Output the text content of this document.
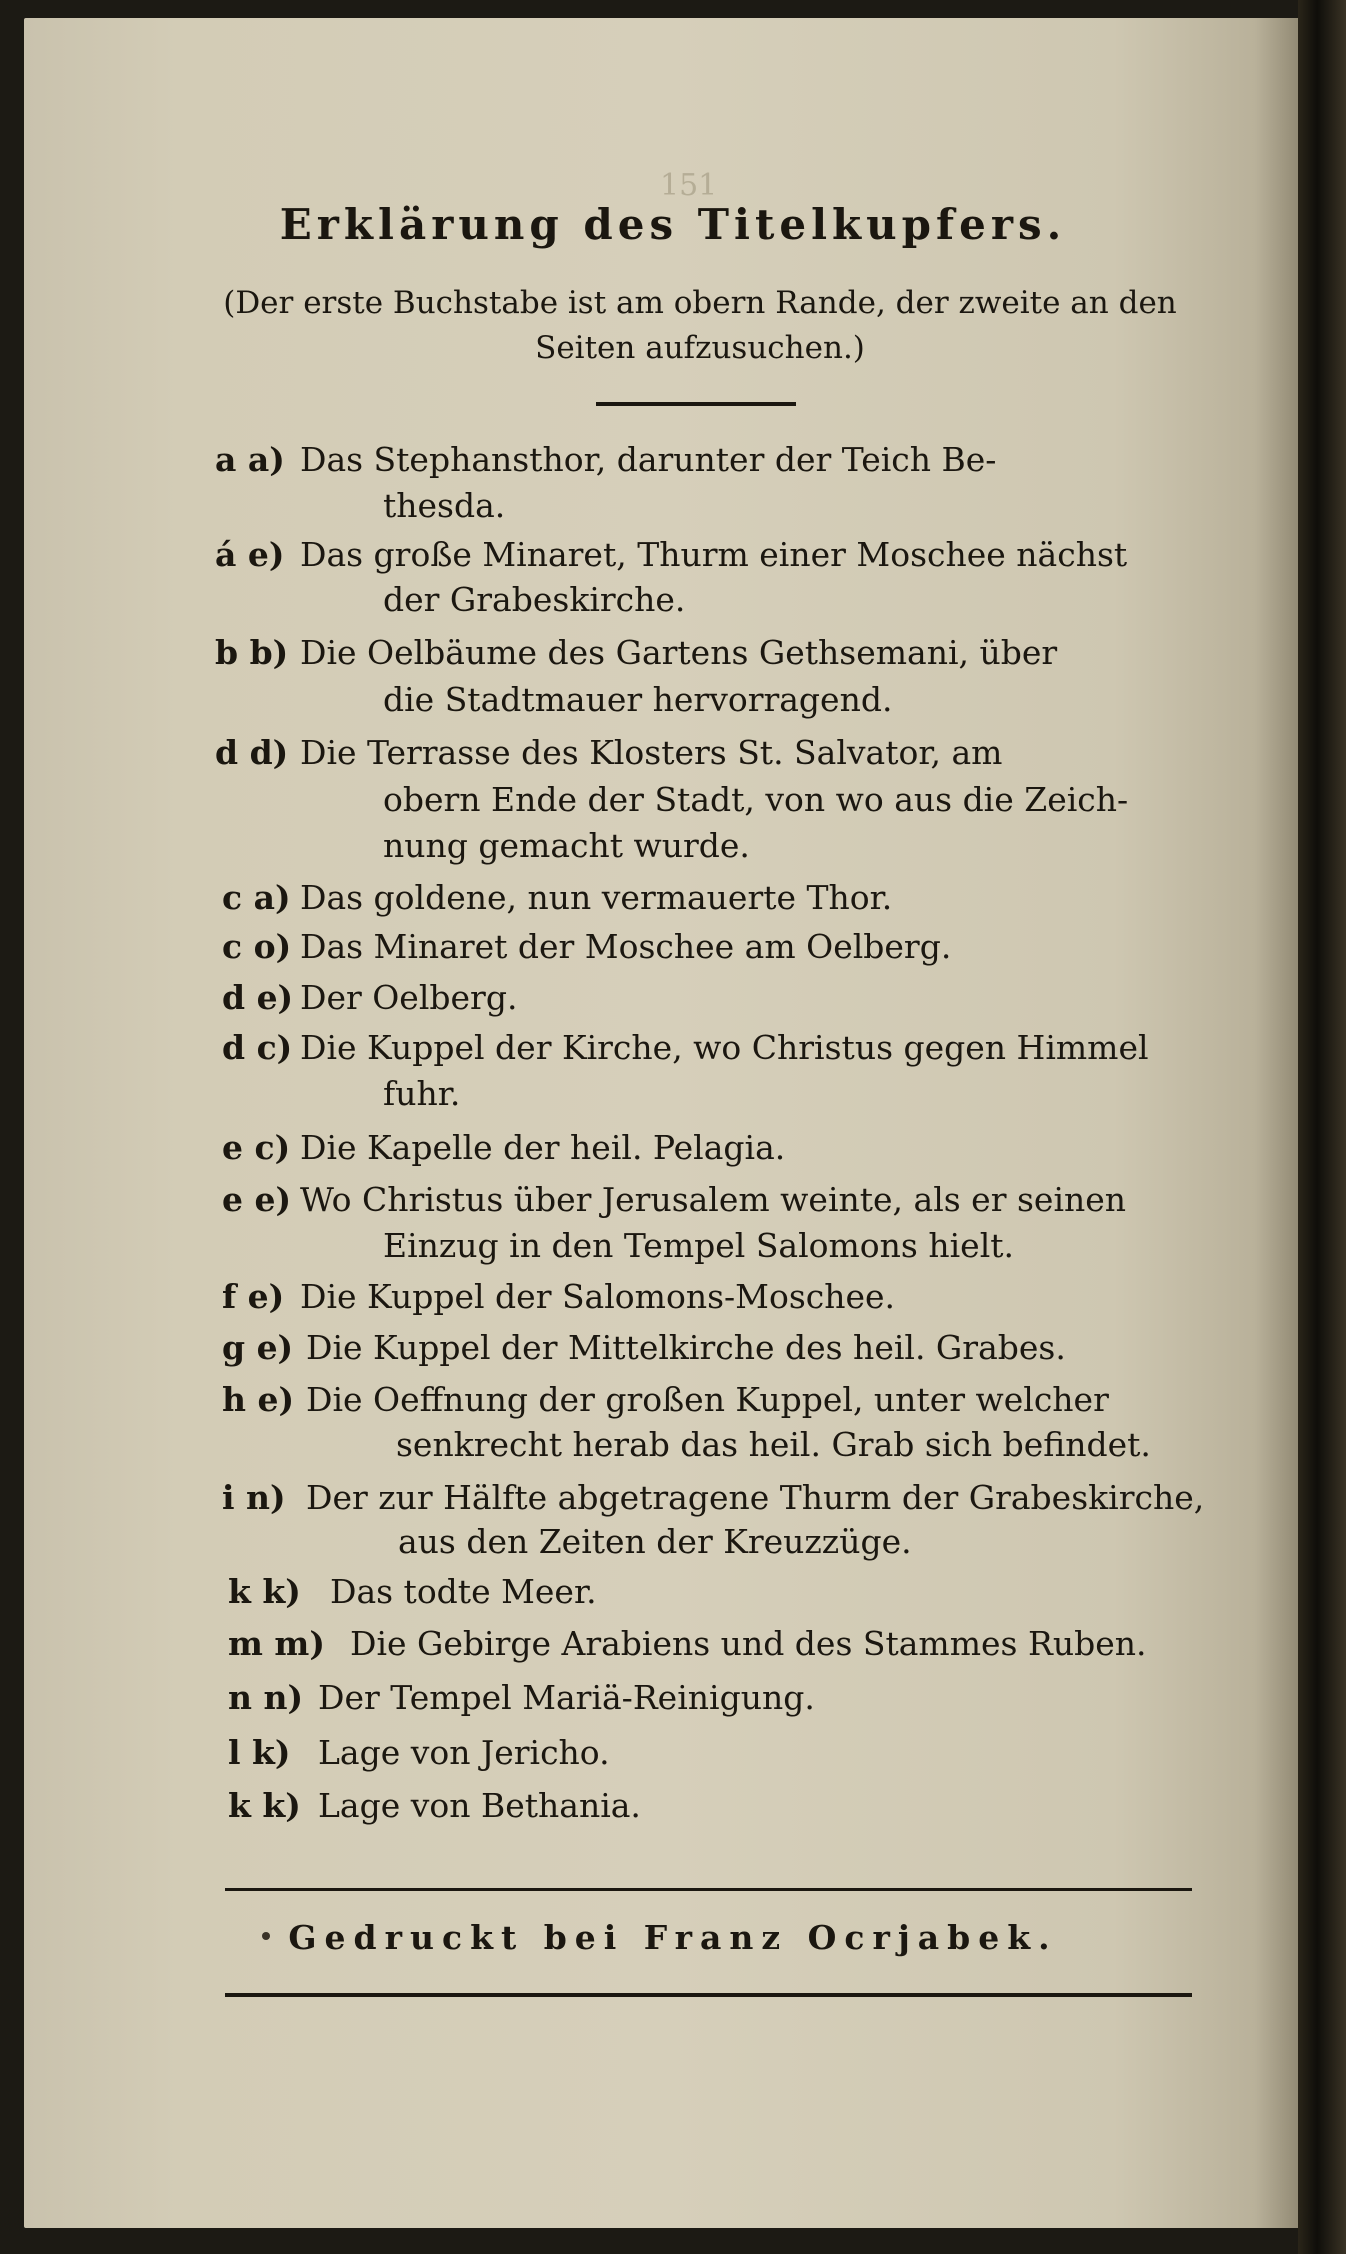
151
Erklärung des Titelkupfers.
(Der erste Buchstabe ist am obern Rande, der zweite an den
Seiten aufzusuchen.)
a a) Das Stephansthor, darunter der Teich Be-
thesda.
á e) Das große Minaret, Thurm einer Moschee nächst
der Grabeskirche.
b b) Die Oelbäume des Gartens Gethsemani, über
die Stadtmauer hervorragend.
d d) Die Terrasse des Klosters St. Salvator, am
obern Ende der Stadt, von wo aus die Zeich-
nung gemacht wurde.
c a) Das goldene, nun vermauerte Thor.
c o) Das Minaret der Moschee am Oelberg.
d e) Der Oelberg.
d c) Die Kuppel der Kirche, wo Christus gegen Himmel
fuhr.
e c) Die Kapelle der heil. Pelagia.
e e) Wo Christus über Jerusalem weinte, als er seinen
Einzug in den Tempel Salomons hielt.
f e) Die Kuppel der Salomons-Moschee.
g e) Die Kuppel der Mittelkirche des heil. Grabes.
h e) Die Oeffnung der großen Kuppel, unter welcher
senkrecht herab das heil. Grab sich befindet.
i n) Der zur Hälfte abgetragene Thurm der Grabeskirche,
aus den Zeiten der Kreuzzüge.
k k) Das todte Meer.
m m) Die Gebirge Arabiens und des Stammes Ruben.
n n) Der Tempel Mariä-Reinigung.
l k) Lage von Jericho.
k k) Lage von Bethania.
Gedruckt bei Franz Ocrjabek.
